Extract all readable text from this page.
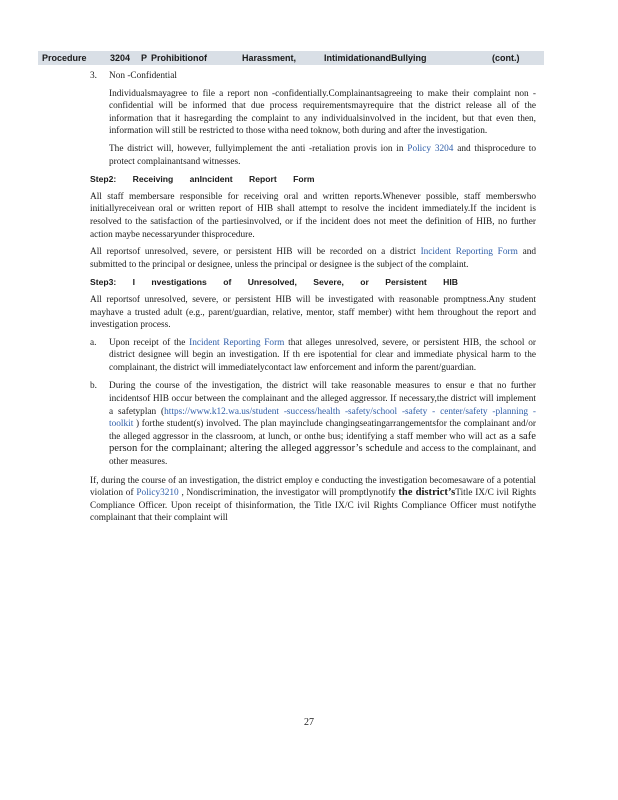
Procedure	3204 P Prohibitionof	Harassment,	IntimidationandBullying	(cont.)
3. Non -Confidential

Individualsmayagree to file a report non -confidentially.Complainantsagreeing to make their complaint non -confidential will be informed that due process requirementsmayrequire that the district release all of the information that it hasregarding the complaint to any individualsinvolved in the incident, but that even then, information will still be restricted to those witha need toknow, both during and after the investigation.

The district will, however, fullyimplement the anti -retaliation provis ion in Policy 3204 and thisprocedure to protect complainantsand witnesses.

Step2: Receiving anIncident Report Form

All staff membersare responsible for receiving oral and written reports.Whenever possible, staff memberswho initiallyreceivean oral or written report of HIB shall attempt to resolve the incident immediately.If the incident is resolved to the satisfaction of the partiesinvolved, or if the incident does not meet the definition of HIB, no further action maybe necessaryunder thisprocedure.

All reportsof unresolved, severe, or persistent HIB will be recorded on a district Incident Reporting Form and submitted to the principal or designee, unless the principal or designee is the subject of the complaint.

Step3: I nvestigations of Unresolved, Severe, or Persistent HIB

All reportsof unresolved, severe, or persistent HIB will be investigated with reasonable promptness.Any student mayhave a trusted adult (e.g., parent/guardian, relative, mentor, staff member) witht hem throughout the report and investigation process.

a. Upon receipt of the Incident Reporting Form that alleges unresolved, severe, or persistent HIB, the school or district designee will begin an investigation. If th ere ispotential for clear and immediate physical harm to the complainant, the district will immediatelycontact law enforcement and inform the parent/guardian.
b. During the course of the investigation, the district will take reasonable measures to ensur e that no further incidentsof HIB occur between the complainant and the alleged aggressor. If necessary,the district will implement a safetyplan (https://www.k12.wa.us/student -success/health -safety/school -safety - center/safety -planning -toolkit ) forthe student(s) involved. The plan mayinclude changingseatingarrangementsfor the complainant and/or the alleged aggressor in the classroom, at lunch, or onthe bus; identifying a staff member who will act as a safe person for the complainant; altering the alleged aggressor’s schedule and access to the complainant, and other measures.

If, during the course of an investigation, the district employ e conducting the investigation becomesaware of a potential violation of Policy3210 , Nondiscrimination, the investigator will promptlynotify the district’sTitle IX/C ivil Rights Compliance Officer. Upon receipt of thisinformation, the Title IX/C ivil Rights Compliance Officer must notifythe complainant that their complaint will

27
